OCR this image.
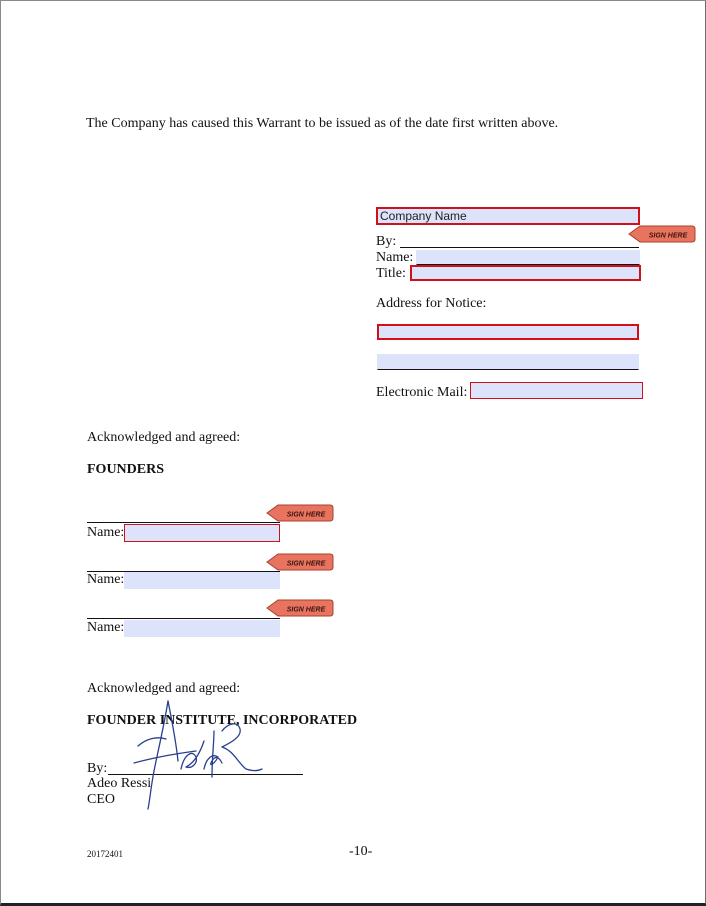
The Company has caused this Warrant to be issued as of the date first written above.
Company Name
By:	SIGN HERE
Name:
Title:
Address for Notice:
Electronic Mail:
Acknowledged and agreed:
FOUNDERS
SIGN HERE
Name:
SIGN HERE
Name:
SIGN HERE
Name:
Acknowledged and agreed:
FOUNDER INSTITUTE, INCORPORATED
By:
Adeo Ressi
CEO
20172401	-10-
